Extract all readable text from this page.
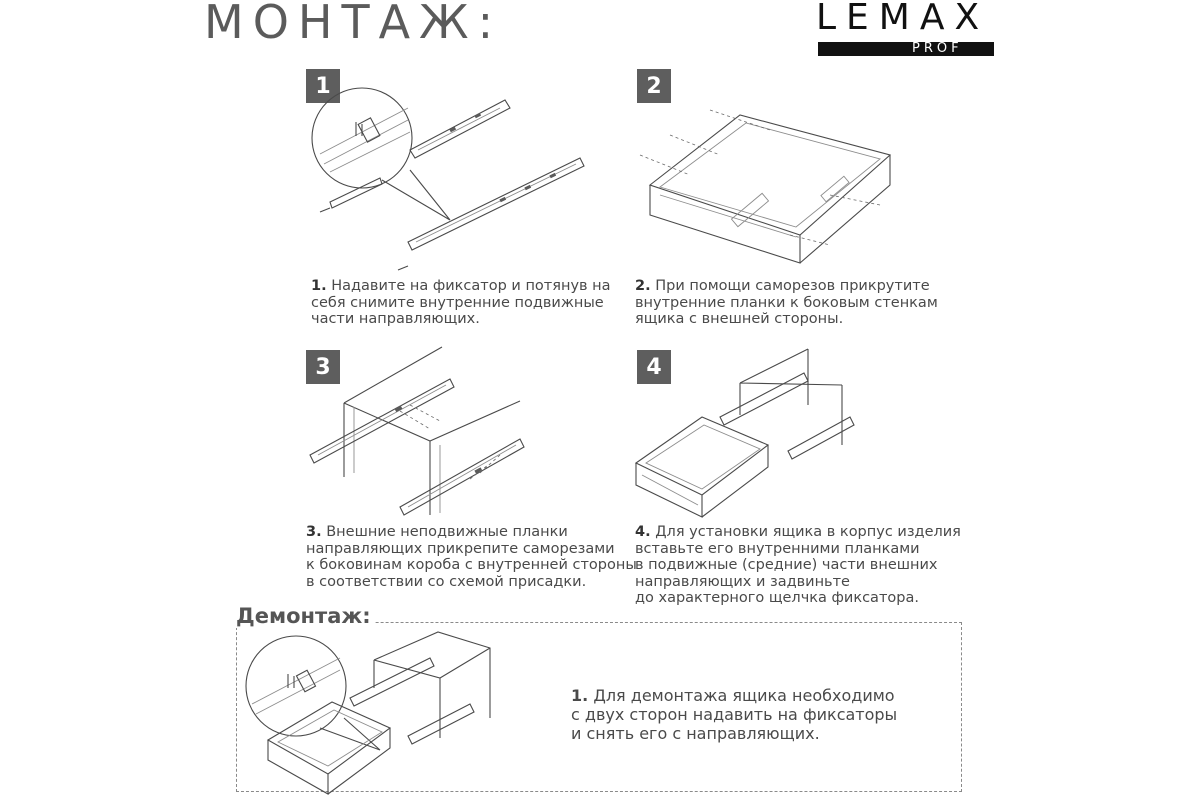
МОНТАЖ:	LEMAX
PROF
1	2
3	4
1. Надавите на фиксатор и потянув на
себя снимите внутренние подвижные
части направляющих.
2. При помощи саморезов прикрутите
внутренние планки к боковым стенкам
ящика с внешней стороны.
3. Внешние неподвижные планки
направляющих прикрепите саморезами
к боковинам короба с внутренней стороны
в соответствии со схемой присадки.
4. Для установки ящика в корпус изделия
вставьте его внутренними планками
в подвижные (средние) части внешних
направляющих и задвиньте
до характерного щелчка фиксатора.
Демонтаж:
1. Для демонтажа ящика необходимо
с двух сторон надавить на фиксаторы
и снять его с направляющих.
